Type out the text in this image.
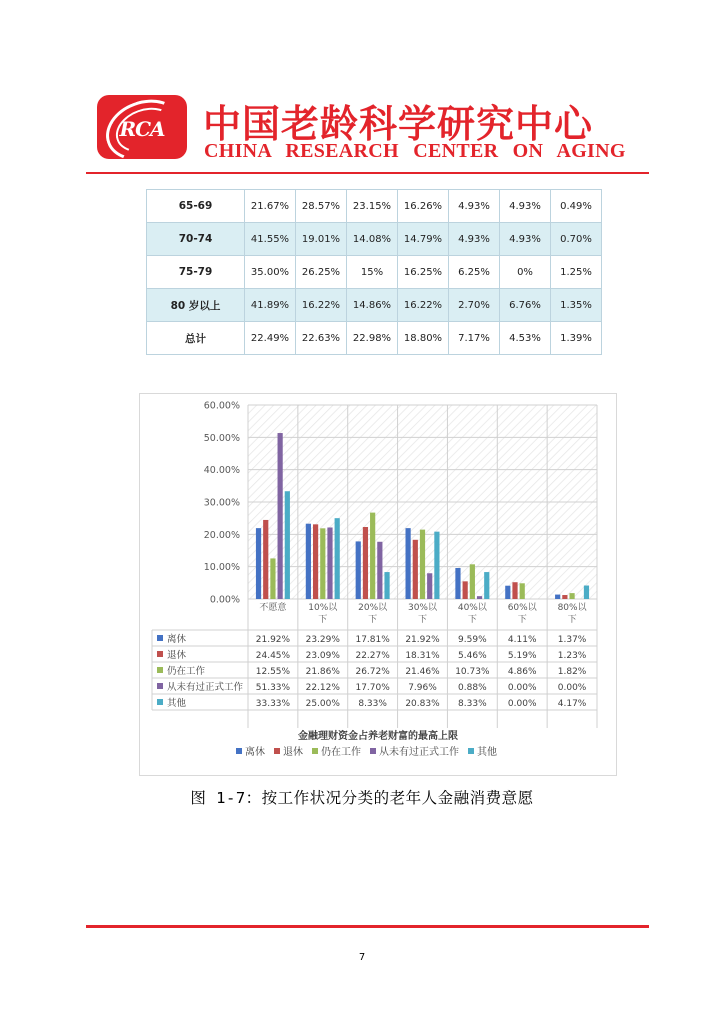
RCA	中国老龄科学研究中心
CHINA RESEARCH CENTER ON AGING
65-69	21.67%	28.57%	23.15%	16.26%	4.93%	4.93%	0.49%
70-74	41.55%	19.01%	14.08%	14.79%	4.93%	4.93%	0.70%
75-79	35.00%	26.25%	15%	16.25%	6.25%	0%	1.25%
80 岁以上	41.89%	16.22%	14.86%	16.22%	2.70%	6.76%	1.35%
总计	22.49%	22.63%	22.98%	18.80%	7.17%	4.53%	1.39%
60.00%
50.00%
40.00%
30.00%
20.00%
10.00%
0.00%
不愿意 10%以下
20%以下
30%以下
40%以下
60%以下
80%以下
离休	21.92% 23.29% 17.81% 21.92% 9.59% 4.11% 1.37%
退休	24.45% 23.09% 22.27% 18.31% 5.46% 5.19% 1.23%
仍在工作	12.55% 21.86% 26.72% 21.46% 10.73% 4.86% 1.82%
从未有过正式工作 51.33% 22.12% 17.70% 7.96% 0.88% 0.00% 0.00%
其他	33.33% 25.00% 8.33% 20.83% 8.33% 0.00% 4.17%
金融理财资金占养老财富的最高上限
离休 退休 仍在工作 从未有过正式工作 其他
图 1-7：按工作状况分类的老年人金融消费意愿
7
